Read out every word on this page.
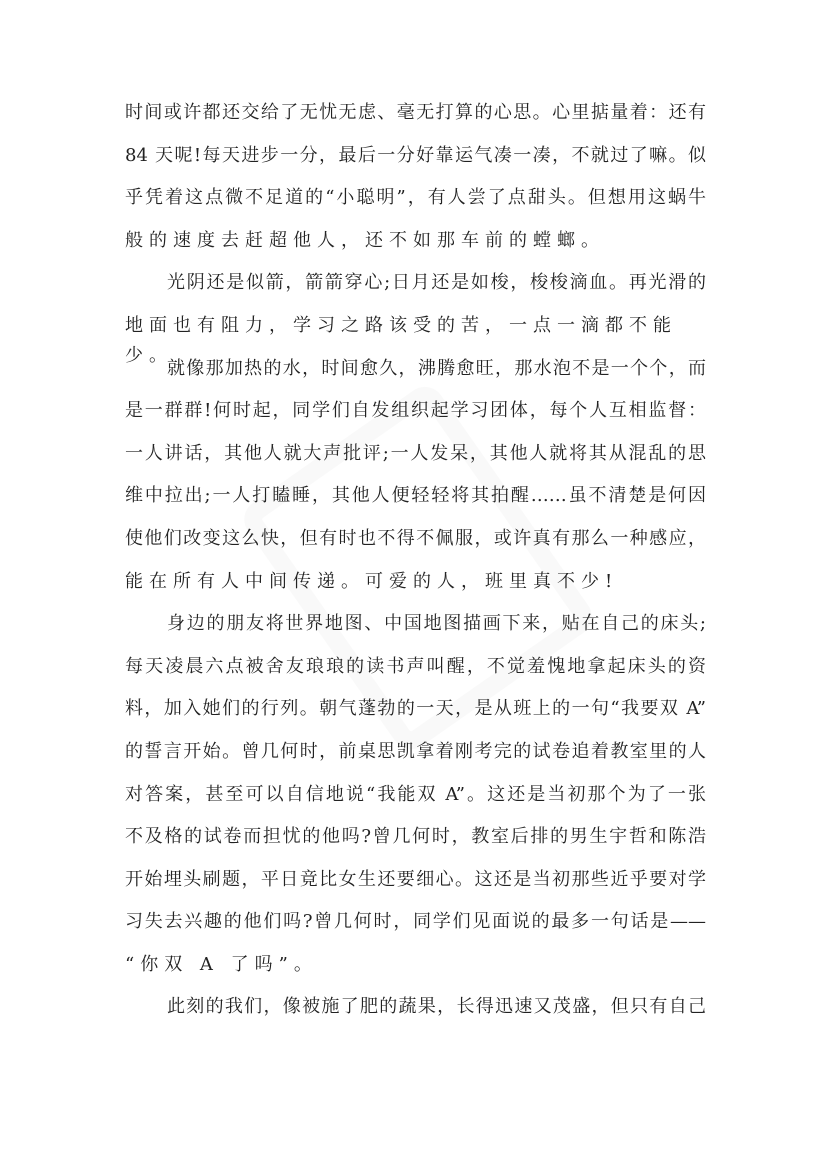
时间或许都还交给了无忧无虑、毫无打算的心思。心里掂量着：还有
84 天呢!每天进步一分，最后一分好靠运气凑一凑，不就过了嘛。似
乎凭着这点微不足道的“小聪明”，有人尝了点甜头。但想用这蜗牛
般的速度去赶超他人，还不如那车前的螳螂。
光阴还是似箭，箭箭穿心;日月还是如梭，梭梭滴血。再光滑的
地面也有阻力，学习之路该受的苦，一点一滴都不能少。
就像那加热的水，时间愈久，沸腾愈旺，那水泡不是一个个，而
是一群群!何时起，同学们自发组织起学习团体，每个人互相监督：
一人讲话，其他人就大声批评;一人发呆，其他人就将其从混乱的思
维中拉出;一人打瞌睡，其他人便轻轻将其拍醒……虽不清楚是何因
使他们改变这么快，但有时也不得不佩服，或许真有那么一种感应，
能在所有人中间传递。可爱的人，班里真不少!
身边的朋友将世界地图、中国地图描画下来，贴在自己的床头;
每天凌晨六点被舍友琅琅的读书声叫醒，不觉羞愧地拿起床头的资
料，加入她们的行列。朝气蓬勃的一天，是从班上的一句“我要双 A”
的誓言开始。曾几何时，前桌思凯拿着刚考完的试卷追着教室里的人
对答案，甚至可以自信地说“我能双 A”。这还是当初那个为了一张
不及格的试卷而担忧的他吗?曾几何时，教室后排的男生宇哲和陈浩
开始埋头刷题，平日竟比女生还要细心。这还是当初那些近乎要对学
习失去兴趣的他们吗?曾几何时，同学们见面说的最多一句话是——
“你双 A 了吗”。
此刻的我们，像被施了肥的蔬果，长得迅速又茂盛，但只有自己
